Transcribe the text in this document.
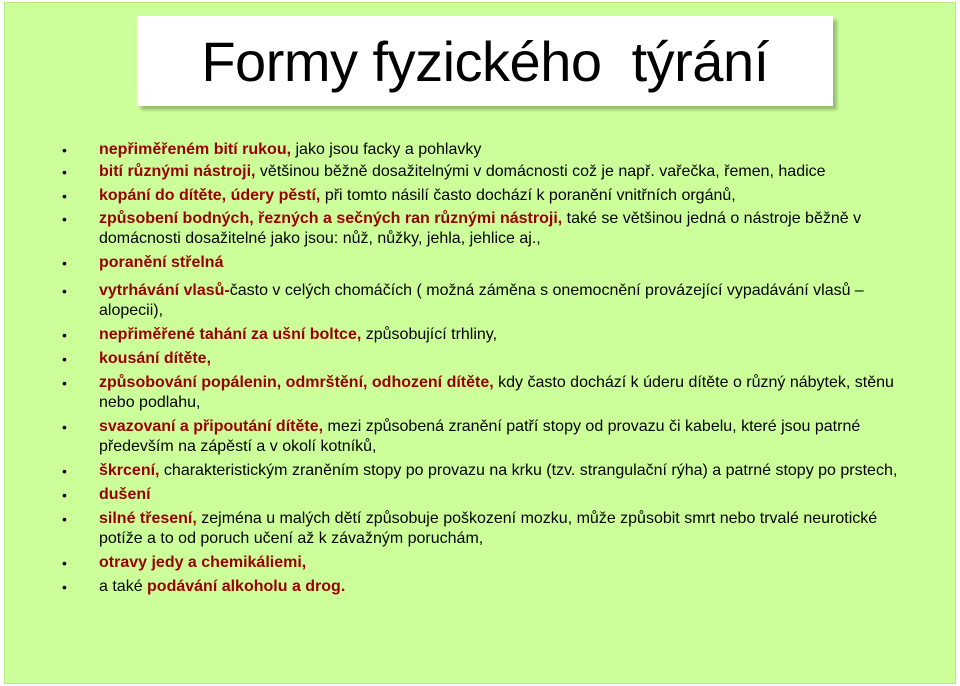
Formy fyzického  týrání
• nepřiměřeném bití rukou, jako jsou facky a pohlavky
• bití různými nástroji, většinou běžně dosažitelnými v domácnosti což je např. vařečka, řemen, hadice
• kopání do dítěte, údery pěstí, při tomto násilí často dochází k poranění vnitřních orgánů,
• způsobení bodných, řezných a sečných ran různými nástroji, také se většinou jedná o nástroje běžně v domácnosti dosažitelné jako jsou: nůž, nůžky, jehla, jehlice aj.,
• poranění střelná
• vytrhávání vlasů-často v celých chomáčích ( možná záměna s onemocnění provázející vypadávání vlasů – alopecii),
• nepřiměřené tahání za ušní boltce, způsobující trhliny,
• kousání dítěte,
• způsobování popálenin, odmrštění, odhození dítěte, kdy často dochází k úderu dítěte o různý nábytek, stěnu nebo podlahu,
• svazovaní a připoutání dítěte, mezi způsobená zranění patří stopy od provazu či kabelu, které jsou patrné především na zápěstí a v okolí kotníků,
• škrcení, charakteristickým zraněním stopy po provazu na krku (tzv. strangulační rýha) a patrné stopy po prstech,
• dušení
• silné třesení, zejména u malých dětí způsobuje poškození mozku, může způsobit smrt nebo trvalé neurotické potíže a to od poruch učení až k závažným poruchám,
• otravy jedy a chemikáliemi,
• a také podávání alkoholu a drog.
